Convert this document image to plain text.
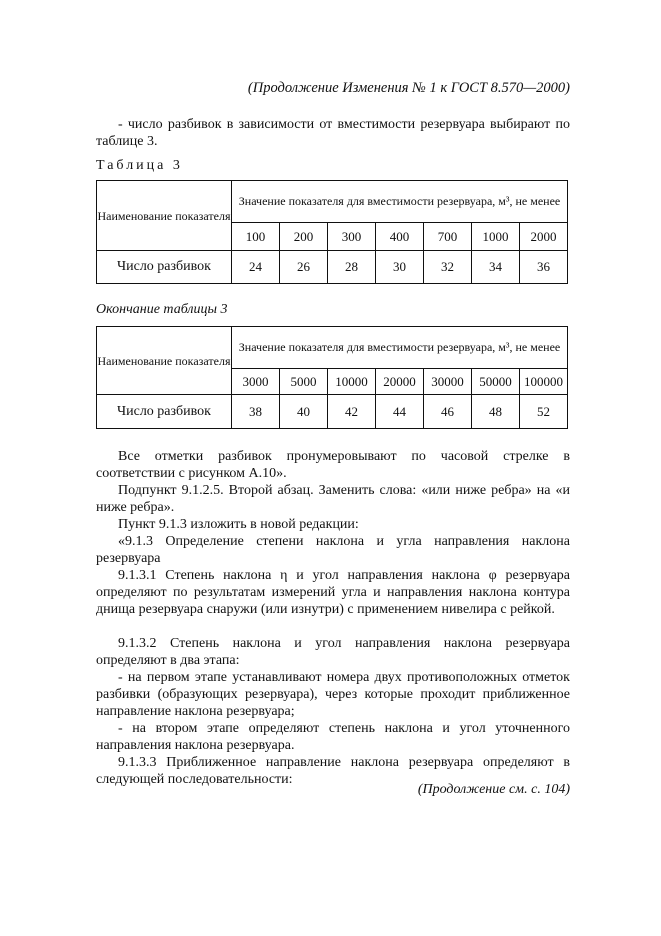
(Продолжение Изменения № 1 к ГОСТ 8.570—2000)
- число разбивок в зависимости от вместимости резервуара выбирают по таблице 3.
Таблица 3
Наименование показателя	Значение показателя для вместимости резервуара, м³, не менее						
	100	200	300	400	700	1000	2000
Число разбивок	24	26	28	30	32	34	36
Окончание таблицы 3
Наименование показателя	Значение показателя для вместимости резервуара, м³, не менее						
	3000	5000	10000	20000	30000	50000	100000
Число разбивок	38	40	42	44	46	48	52
Все отметки разбивок пронумеровывают по часовой стрелке в соответствии с рисунком А.10».
Подпункт 9.1.2.5. Второй абзац. Заменить слова: «или ниже ребра» на «и ниже ребра».
Пункт 9.1.3 изложить в новой редакции:
«9.1.3 Определение степени наклона и угла направления наклона резервуара
9.1.3.1 Степень наклона η и угол направления наклона φ резервуара определяют по результатам измерений угла и направления наклона контура днища резервуара снаружи (или изнутри) с применением нивелира с рейкой.
9.1.3.2 Степень наклона и угол направления наклона резервуара определяют в два этапа:
- на первом этапе устанавливают номера двух противоположных отметок разбивки (образующих резервуара), через которые проходит приближенное направление наклона резервуара;
- на втором этапе определяют степень наклона и угол уточненного направления наклона резервуара.
9.1.3.3 Приближенное направление наклона резервуара определяют в следующей последовательности:
(Продолжение см. с. 104)
